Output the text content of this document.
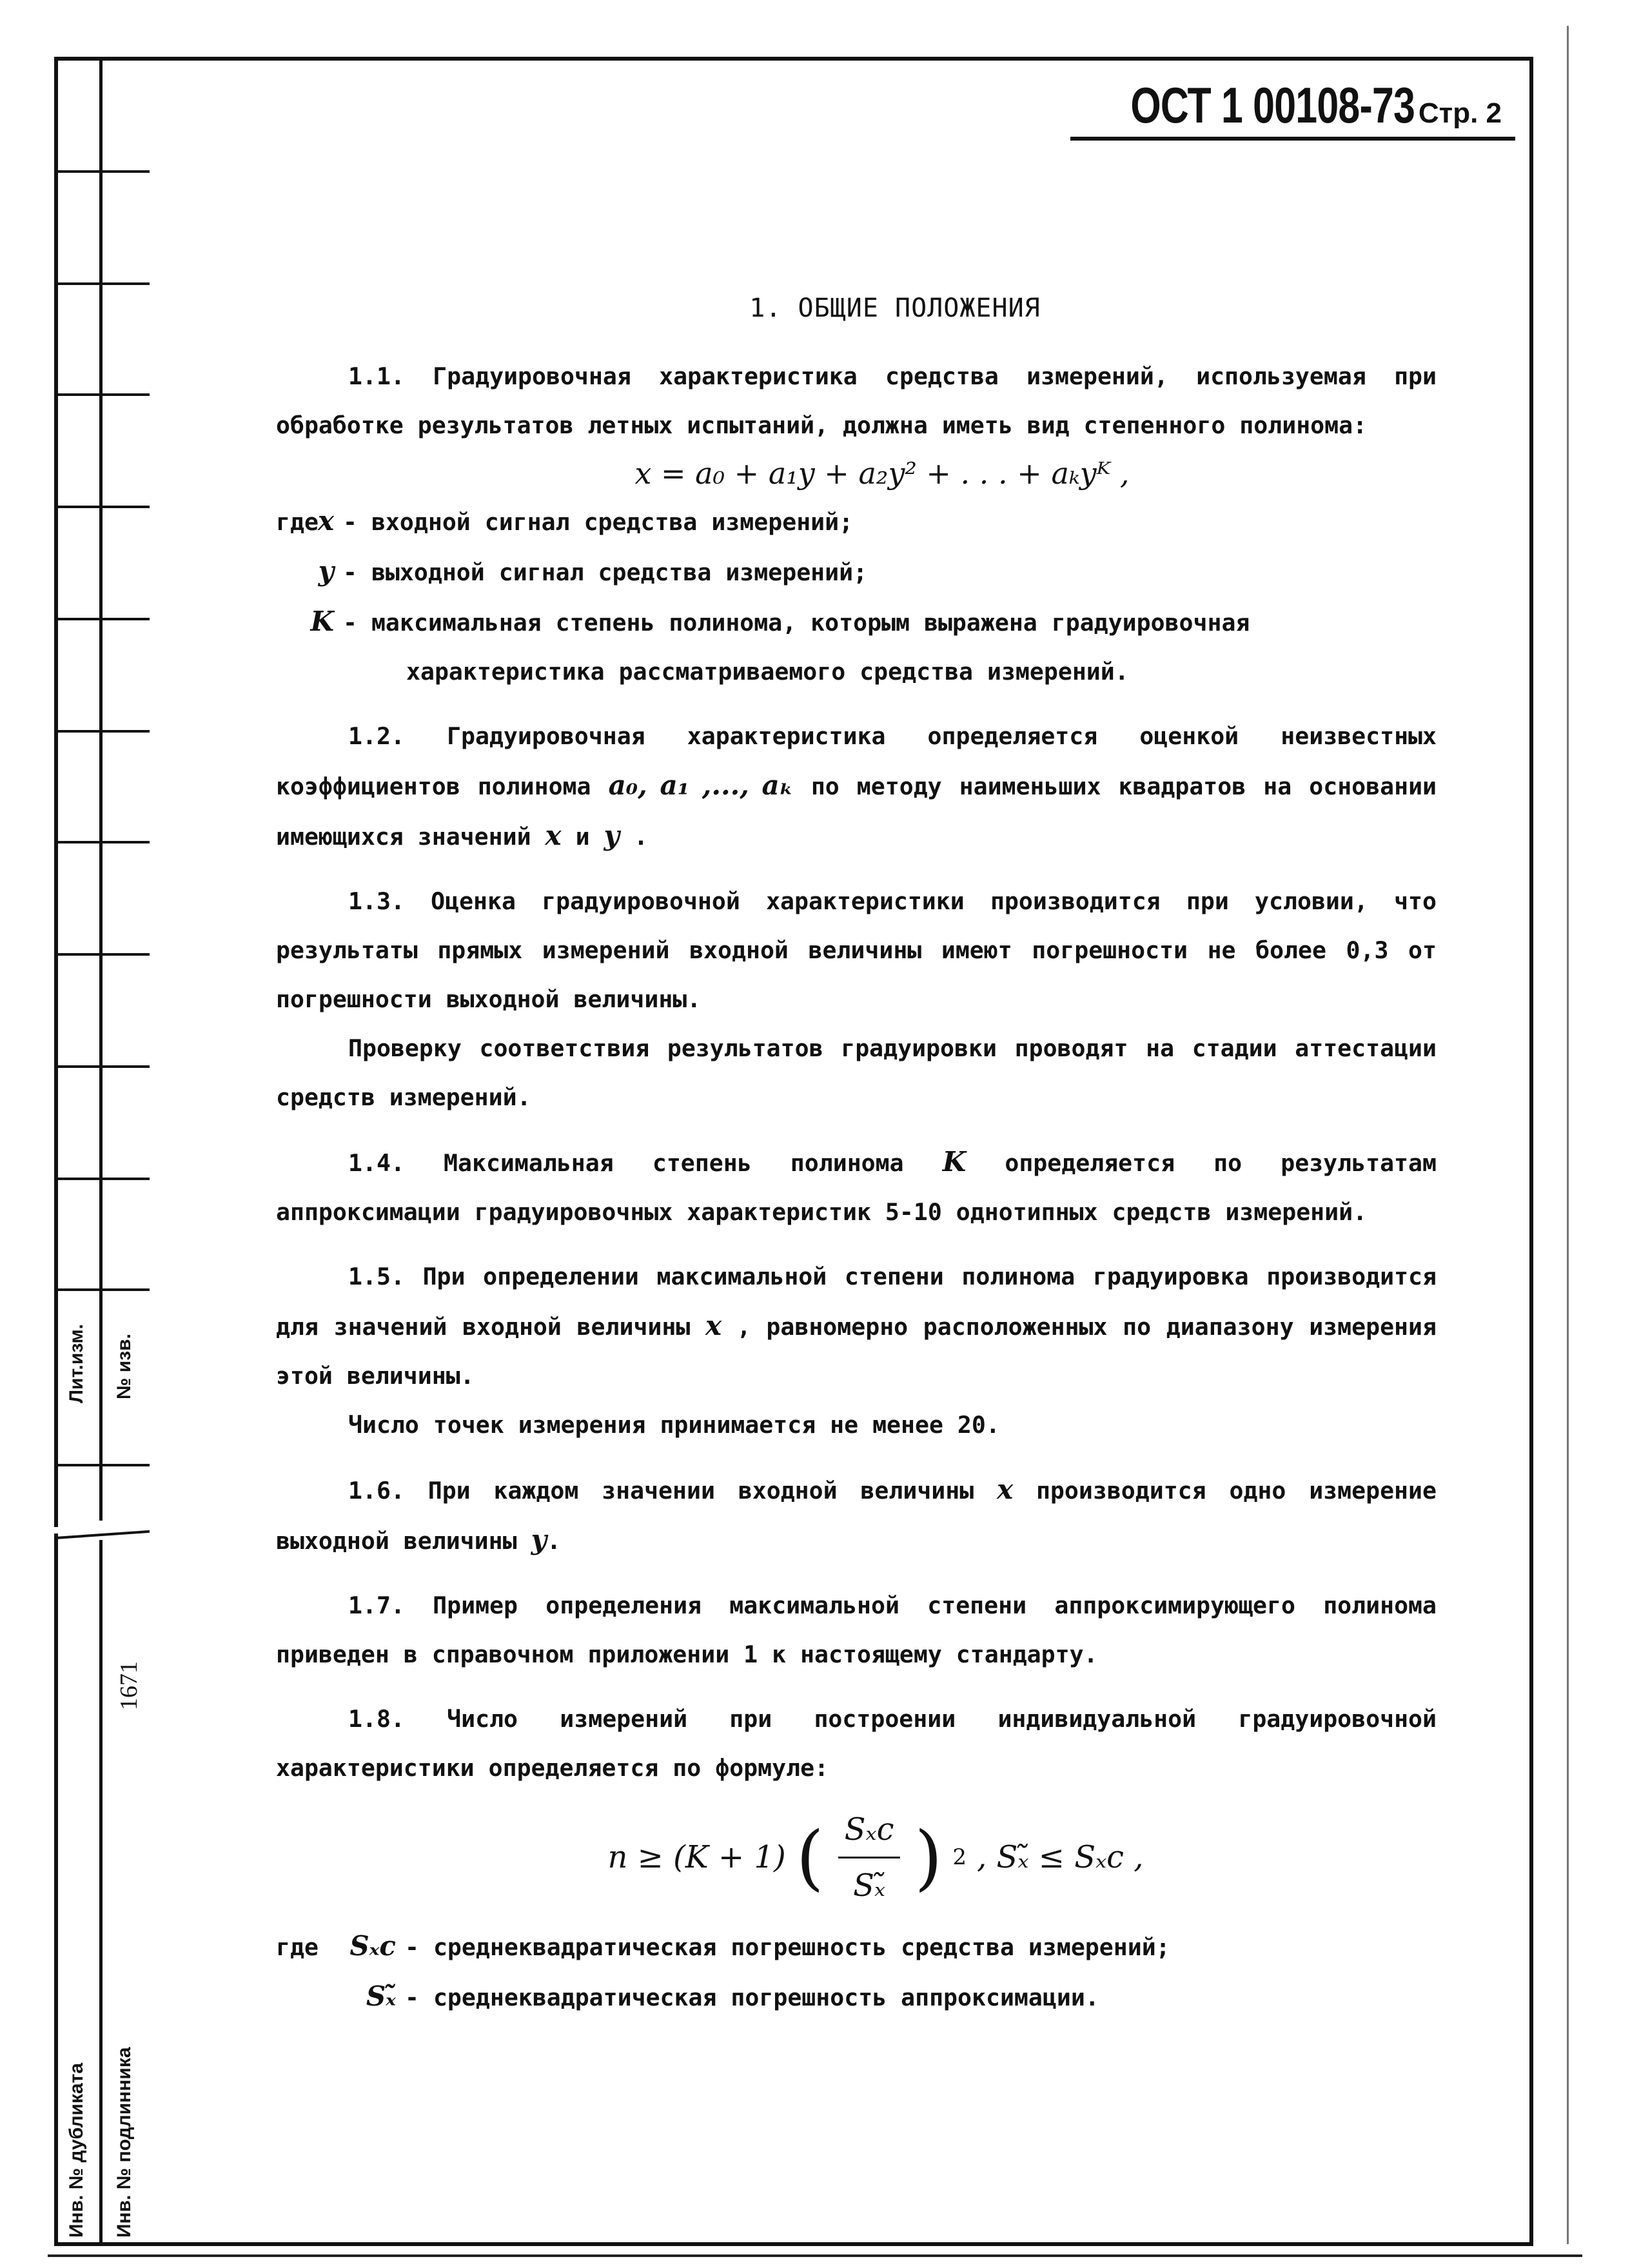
Лит.изм. № изв.
1671
Инв. № дубликата Инв. № подлинника
ОСТ 1 00108-73 Стр. 2
1. ОБЩИЕ ПОЛОЖЕНИЯ

1.1. Градуировочная характеристика средства измерений, используемая при обработке результатов летных испытаний, должна иметь вид степенного полинома:

x = a₀ + a₁y + a₂y² + . . . + aₖyᴷ ,
где x - входной сигнал средства измерений;
y - выходной сигнал средства измерений;
K - максимальная степень полинома, которым выражена градуировочная
характеристика рассматриваемого средства измерений.

1.2. Градуировочная характеристика определяется оценкой неизвестных коэффициентов полинома a₀, a₁ ,..., aₖ по методу наименьших квадратов на основании имеющихся значений x и y .

1.3. Оценка градуировочной характеристики производится при условии, что результаты прямых измерений входной величины имеют погрешности не более 0,3 от погрешности выходной величины.

Проверку соответствия результатов градуировки проводят на стадии аттестации средств измерений.

1.4. Максимальная степень полинома K определяется по результатам аппроксимации градуировочных характеристик 5-10 однотипных средств измерений.

1.5. При определении максимальной степени полинома градуировка производится для значений входной величины x , равномерно расположенных по диапазону измерения этой величины.

Число точек измерения принимается не менее 20.

1.6. При каждом значении входной величины x производится одно измерение выходной величины y.

1.7. Пример определения максимальной степени аппроксимирующего полинома приведен в справочном приложении 1 к настоящему стандарту.

1.8. Число измерений при построении индивидуальной градуировочной характеристики определяется по формуле:

n ≥ (K + 1) ( $\frac{\text{Sₓc}}{\text{Sₓ̃}}$ ) 2 , Sₓ̃ ≤ Sₓc ,
где	Sₓc - среднеквадратическая погрешность средства измерений;
Sₓ̃ - среднеквадратическая погрешность аппроксимации.
